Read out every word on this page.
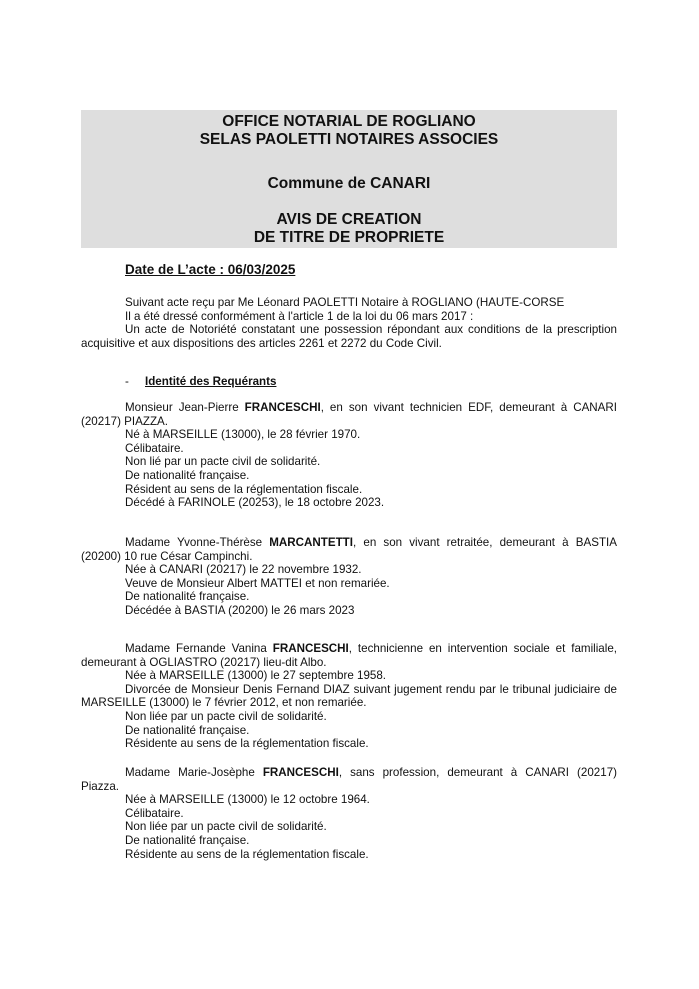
OFFICE NOTARIAL DE ROGLIANO
SELAS PAOLETTI NOTAIRES ASSOCIES
Commune de CANARI
AVIS DE CREATION
DE TITRE DE PROPRIETE
Date de L’acte : 06/03/2025

Suivant acte reçu par Me Léonard PAOLETTI Notaire à ROGLIANO (HAUTE-CORSE

Il a été dressé conformément à l'article 1 de la loi du 06 mars 2017 :

Un acte de Notoriété constatant une possession répondant aux conditions de la prescription acquisitive et aux dispositions des articles 2261 et 2272 du Code Civil.

- Identité des Requérants

Monsieur Jean-Pierre FRANCESCHI, en son vivant technicien EDF, demeurant à CANARI (20217) PIAZZA.

Né à MARSEILLE (13000), le 28 février 1970.

Célibataire.

Non lié par un pacte civil de solidarité.

De nationalité française.

Résident au sens de la réglementation fiscale.

Décédé à FARINOLE (20253), le 18 octobre 2023.

Madame Yvonne-Thérèse MARCANTETTI, en son vivant retraitée, demeurant à BASTIA (20200) 10 rue César Campinchi.

Née à CANARI (20217) le 22 novembre 1932.

Veuve de Monsieur Albert MATTEI et non remariée.

De nationalité française.

Décédée à BASTIA (20200) le 26 mars 2023

Madame Fernande Vanina FRANCESCHI, technicienne en intervention sociale et familiale, demeurant à OGLIASTRO (20217) lieu-dit Albo.

Née à MARSEILLE (13000) le 27 septembre 1958.

Divorcée de Monsieur Denis Fernand DIAZ suivant jugement rendu par le tribunal judiciaire de MARSEILLE (13000) le 7 février 2012, et non remariée.

Non liée par un pacte civil de solidarité.

De nationalité française.

Résidente au sens de la réglementation fiscale.

Madame Marie-Josèphe FRANCESCHI, sans profession, demeurant à CANARI (20217) Piazza.

Née à MARSEILLE (13000) le 12 octobre 1964.

Célibataire.

Non liée par un pacte civil de solidarité.

De nationalité française.

Résidente au sens de la réglementation fiscale.
